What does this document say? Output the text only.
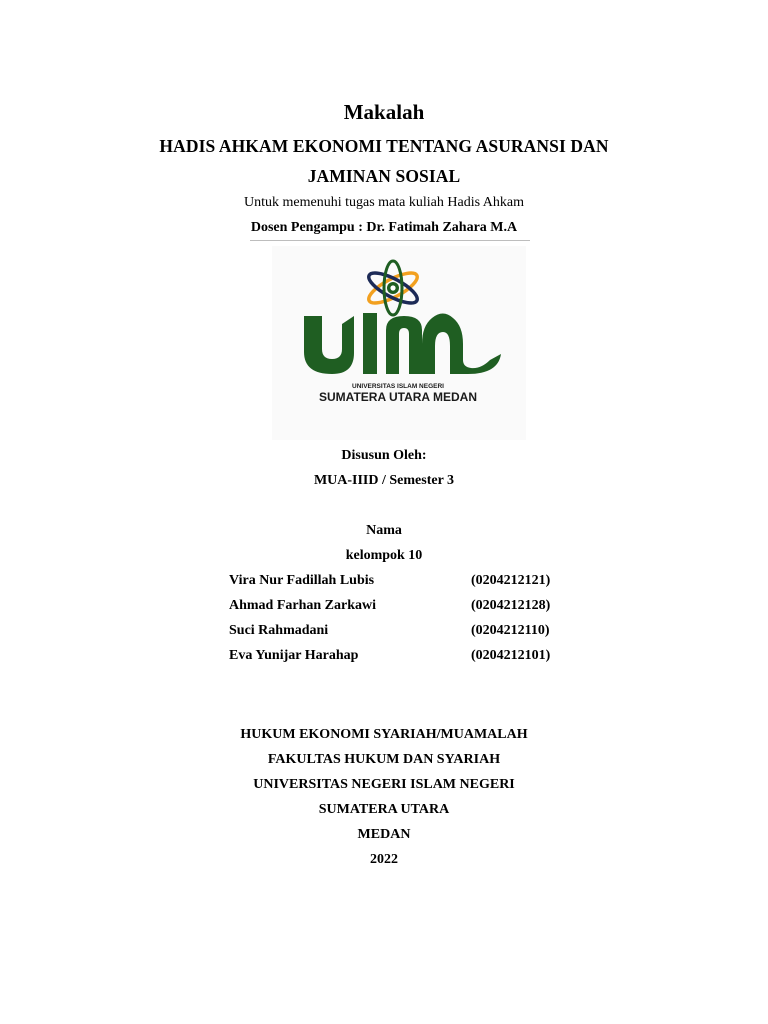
Makalah
HADIS AHKAM EKONOMI TENTANG ASURANSI DAN
JAMINAN SOSIAL
Untuk memenuhi tugas mata kuliah Hadis Ahkam
Dosen Pengampu : Dr. Fatimah Zahara M.A
UNIVERSITAS ISLAM NEGERI
SUMATERA UTARA MEDAN
Disusun Oleh:
MUA-IIID / Semester 3
Nama
kelompok 10
Vira Nur Fadillah Lubis	(0204212121)
Ahmad Farhan Zarkawi	(0204212128)
Suci Rahmadani	(0204212110)
Eva Yunijar Harahap	(0204212101)
HUKUM EKONOMI SYARIAH/MUAMALAH
FAKULTAS HUKUM DAN SYARIAH
UNIVERSITAS NEGERI ISLAM NEGERI
SUMATERA UTARA
MEDAN
2022
